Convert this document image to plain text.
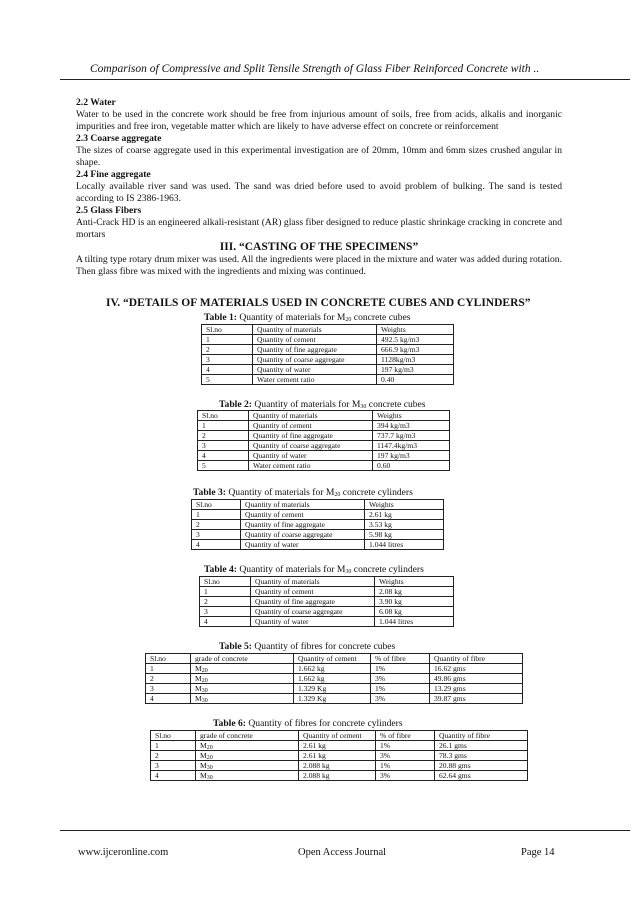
Comparison of Compressive and Split Tensile Strength of Glass Fiber Reinforced Concrete with ..

2.2 Water

Water to be used in the concrete work should be free from injurious amount of soils, free from acids, alkalis and inorganic impurities and free iron, vegetable matter which are likely to have adverse effect on concrete or reinforcement

2.3 Coarse aggregate

The sizes of coarse aggregate used in this experimental investigation are of 20mm, 10mm and 6mm sizes crushed angular in shape.

2.4 Fine aggregate

Locally available river sand was used. The sand was dried before used to avoid problem of bulking. The sand is tested according to IS 2386-1963.

2.5 Glass Fibers

Anti-Crack HD is an engineered alkali-resistant (AR) glass fiber designed to reduce plastic shrinkage cracking in concrete and mortars

III. “CASTING OF THE SPECIMENS”

A tilting type rotary drum mixer was used. All the ingredients were placed in the mixture and water was added during rotation. Then glass fibre was mixed with the ingredients and mixing was continued.

IV. “DETAILS OF MATERIALS USED IN CONCRETE CUBES AND CYLINDERS”
Table 1: Quantity of materials for $M_{20}$ concrete cubes
Sl.no	Quantity of materials	Weights
1	Quantity of cement	492.5 kg/m3
2	Quantity of fine aggregate	666.9 kg/m3
3	Quantity of coarse aggregate	1128kg/m3
4	Quantity of water	197 kg/m3
5	Water cement ratio	0.40
Table 2: Quantity of materials for $M_{30}$ concrete cubes
Sl.no	Quantity of materials	Weights
1	Quantity of cement	394 kg/m3
2	Quantity of fine aggregate	737.7 kg/m3
3	Quantity of coarse aggregate	1147.4kg/m3
4	Quantity of water	197 kg/m3
5	Water cement ratio	0.60
Table 3: Quantity of materials for $M_{20}$ concrete cylinders
Sl.no	Quantity of materials	Weights
1	Quantity of cement	2.61 kg
2	Quantity of fine aggregate	3.53 kg
3	Quantity of coarse aggregate	5.98 kg
4	Quantity of water	1.044 litres
Table 4: Quantity of materials for $M_{30}$ concrete cylinders
Sl.no	Quantity of materials	Weights
1	Quantity of cement	2.08 kg
2	Quantity of fine aggregate	3.90 kg
3	Quantity of coarse aggregate	6.08 kg
4	Quantity of water	1.044 litres
Table 5: Quantity of fibres for concrete cubes
Sl.no	grade of concrete	Quantity of cement	% of fibre	Quantity of fibre
1	$M_{20}$	1.662 kg	1%	16.62 gms
2	$M_{20}$	1.662 kg	3%	49.86 gms
3	$M_{30}$	1.329 Kg	1%	13.29 gms
4	$M_{30}$	1.329 Kg	3%	39.87 gms
Table 6: Quantity of fibres for concrete cylinders
Sl.no	grade of concrete	Quantity of cement	% of fibre	Quantity of fibre
1	$M_{20}$	2.61 kg	1%	26.1 gms
2	$M_{20}$	2.61 kg	3%	78.3 gms
3	$M_{30}$	2.088 kg	1%	20.88 gms
4	$M_{30}$	2.088 kg	3%	62.64 gms
www.ijceronline.com	Open Access Journal	Page 14
